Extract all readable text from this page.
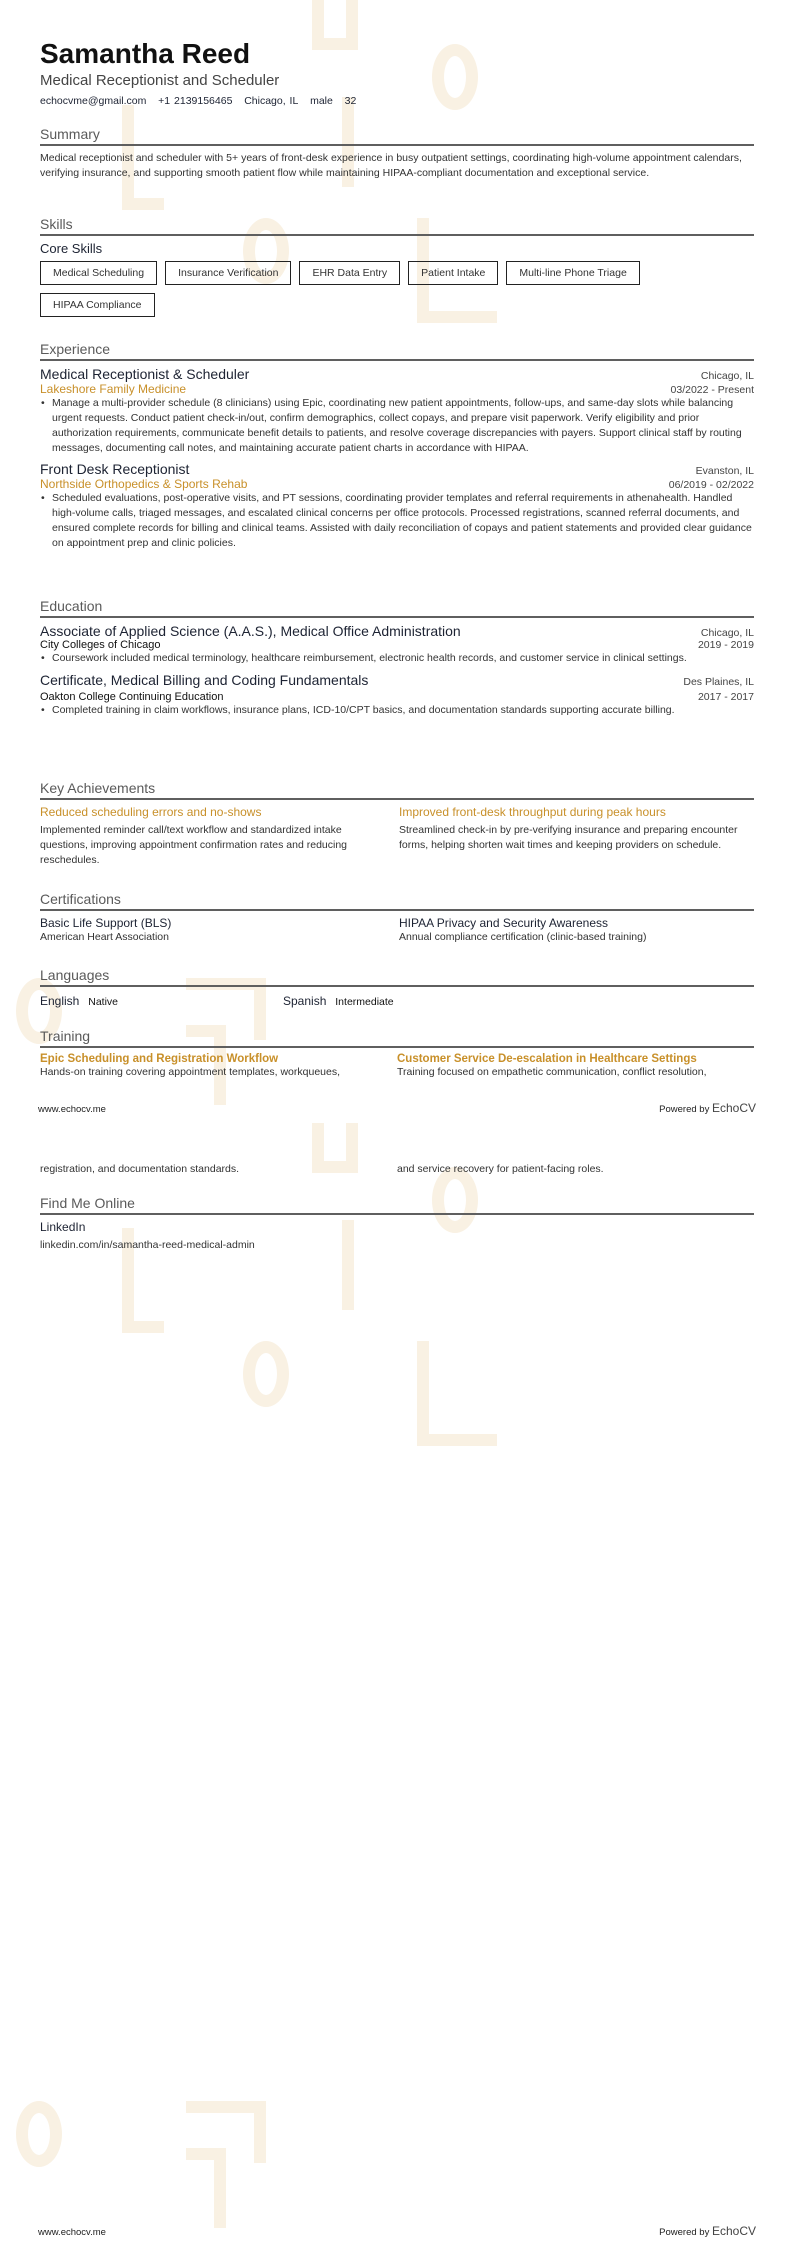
Samantha Reed
Medical Receptionist and Scheduler
echocvme@gmail.com +1 2139156465 Chicago, IL male 32
Summary
Medical receptionist and scheduler with 5+ years of front-desk experience in busy outpatient settings, coordinating high-volume appointment calendars, verifying insurance, and supporting smooth patient flow while maintaining HIPAA-compliant documentation and exceptional service.
Skills
Core Skills
Medical Scheduling	Insurance Verification	EHR Data Entry	Patient Intake	Multi-line Phone Triage
HIPAA Compliance
Experience
Medical Receptionist & Scheduler	Chicago, IL
Lakeshore Family Medicine	03/2022 - Present
• Manage a multi-provider schedule (8 clinicians) using Epic, coordinating new patient appointments, follow-ups, and same-day slots while balancing urgent requests. Conduct patient check-in/out, confirm demographics, collect copays, and prepare visit paperwork. Verify eligibility and prior authorization requirements, communicate benefit details to patients, and resolve coverage discrepancies with payers. Support clinical staff by routing messages, documenting call notes, and maintaining accurate patient charts in accordance with HIPAA.
Front Desk Receptionist	Evanston, IL
Northside Orthopedics & Sports Rehab	06/2019 - 02/2022
• Scheduled evaluations, post-operative visits, and PT sessions, coordinating provider templates and referral requirements in athenahealth. Handled high-volume calls, triaged messages, and escalated clinical concerns per office protocols. Processed registrations, scanned referral documents, and ensured complete records for billing and clinical teams. Assisted with daily reconciliation of copays and patient statements and provided clear guidance on appointment prep and clinic policies.
Education
Associate of Applied Science (A.A.S.), Medical Office Administration	Chicago, IL
City Colleges of Chicago	2019 - 2019
• Coursework included medical terminology, healthcare reimbursement, electronic health records, and customer service in clinical settings.
Certificate, Medical Billing and Coding Fundamentals	Des Plaines, IL
Oakton College Continuing Education	2017 - 2017
• Completed training in claim workflows, insurance plans, ICD-10/CPT basics, and documentation standards supporting accurate billing.
Key Achievements
Reduced scheduling errors and no-shows
Implemented reminder call/text workflow and standardized intake questions, improving appointment confirmation rates and reducing reschedules.
Improved front-desk throughput during peak hours
Streamlined check-in by pre-verifying insurance and preparing encounter forms, helping shorten wait times and keeping providers on schedule.
Certifications
Basic Life Support (BLS)
American Heart Association
HIPAA Privacy and Security Awareness
Annual compliance certification (clinic-based training)
Languages
English Native	Spanish Intermediate
Training
Epic Scheduling and Registration Workflow
Hands-on training covering appointment templates, workqueues,
Customer Service De-escalation in Healthcare Settings
Training focused on empathetic communication, conflict resolution,
www.echocv.me	Powered by EchoCV
registration, and documentation standards.	and service recovery for patient-facing roles.
Find Me Online
LinkedIn
linkedin.com/in/samantha-reed-medical-admin
www.echocv.me	Powered by EchoCV
